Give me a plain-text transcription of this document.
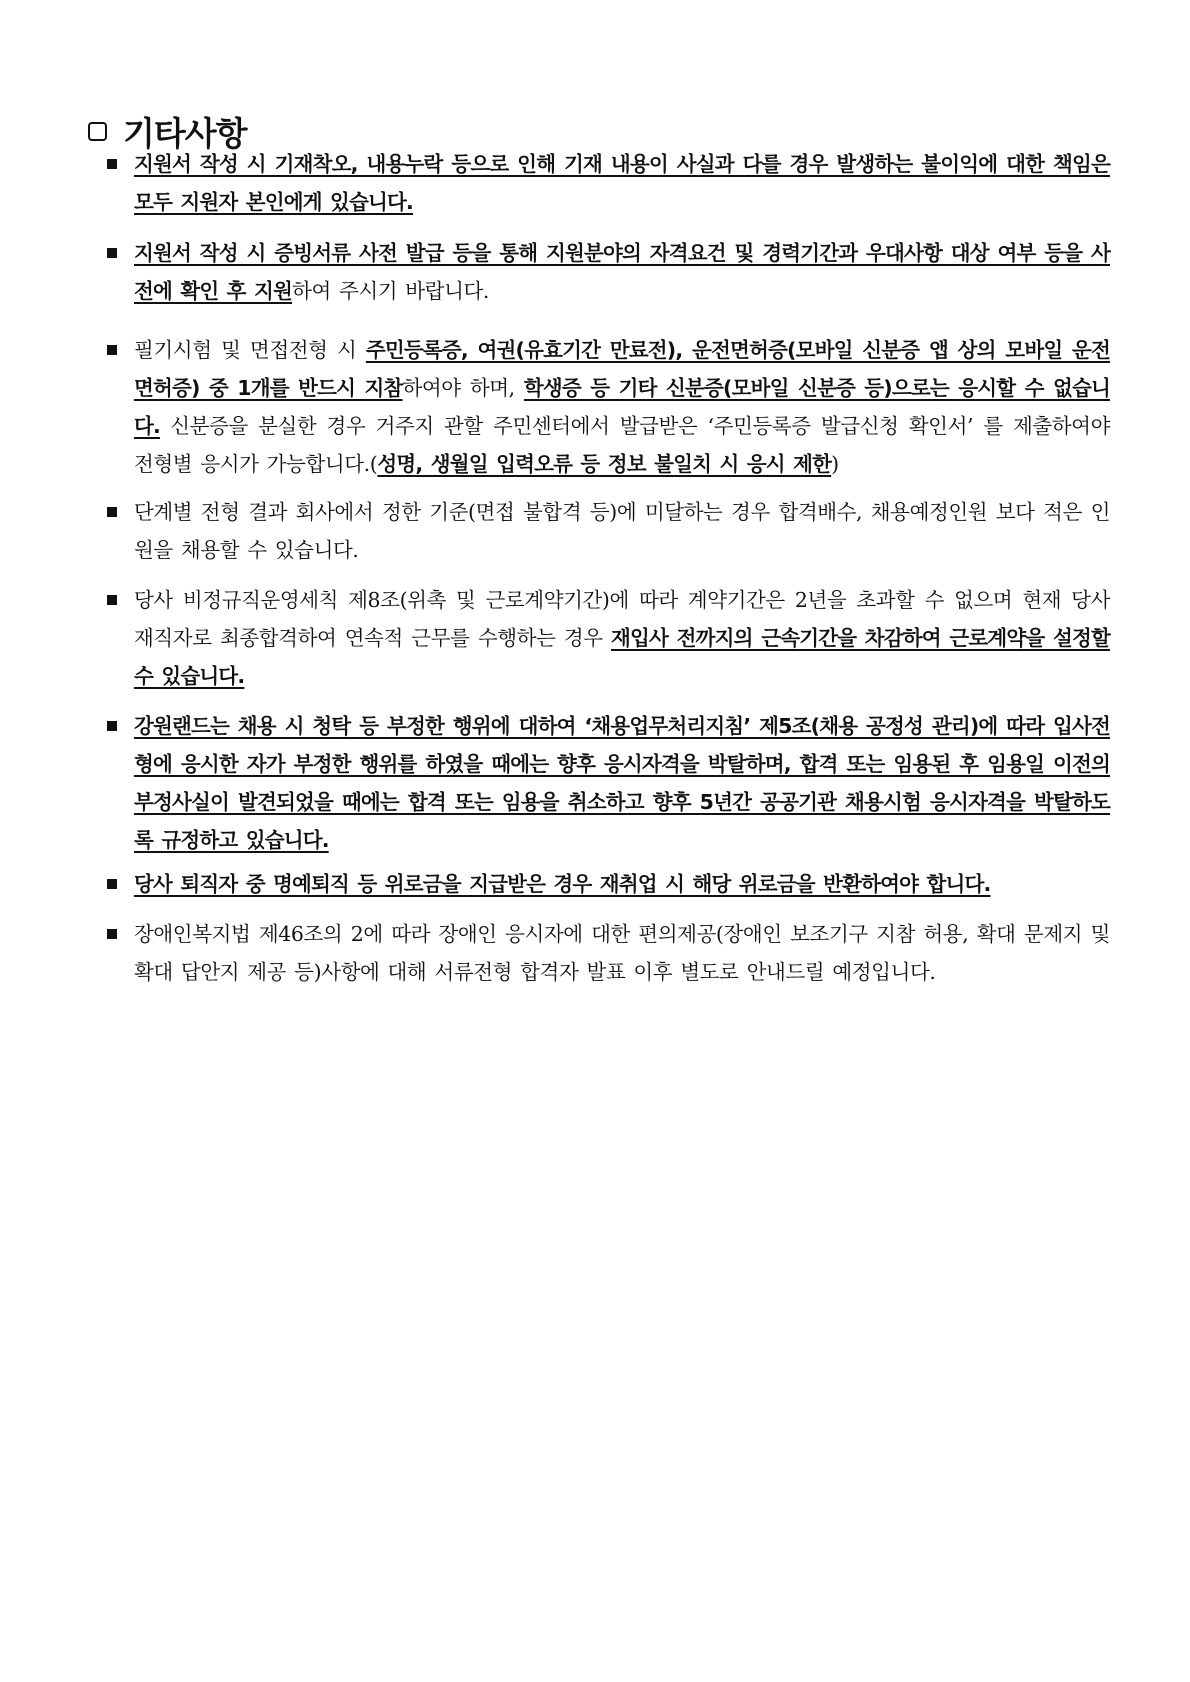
기타사항
지원서 작성 시 기재착오, 내용누락 등으로 인해 기재 내용이 사실과 다를 경우 발생하는 불이익에 대한 책임은 모두 지원자 본인에게 있습니다.
지원서 작성 시 증빙서류 사전 발급 등을 통해 지원분야의 자격요건 및 경력기간과 우대사항 대상 여부 등을 사전에 확인 후 지원하여 주시기 바랍니다.
필기시험 및 면접전형 시 주민등록증, 여권(유효기간 만료전), 운전면허증(모바일 신분증 앱 상의 모바일 운전면허증) 중 1개를 반드시 지참하여야 하며, 학생증 등 기타 신분증(모바일 신분증 등)으로는 응시할 수 없습니다. 신분증을 분실한 경우 거주지 관할 주민센터에서 발급받은 ‘주민등록증 발급신청 확인서’ 를 제출하여야 전형별 응시가 가능합니다.(성명, 생월일 입력오류 등 정보 불일치 시 응시 제한)
단계별 전형 결과 회사에서 정한 기준(면접 불합격 등)에 미달하는 경우 합격배수, 채용예정인원 보다 적은 인원을 채용할 수 있습니다.
당사 비정규직운영세칙 제8조(위촉 및 근로계약기간)에 따라 계약기간은 2년을 초과할 수 없으며 현재 당사 재직자로 최종합격하여 연속적 근무를 수행하는 경우 재입사 전까지의 근속기간을 차감하여 근로계약을 설정할 수 있습니다.
강원랜드는 채용 시 청탁 등 부정한 행위에 대하여 ‘채용업무처리지침’ 제5조(채용 공정성 관리)에 따라 입사전형에 응시한 자가 부정한 행위를 하였을 때에는 향후 응시자격을 박탈하며, 합격 또는 임용된 후 임용일 이전의 부정사실이 발견되었을 때에는 합격 또는 임용을 취소하고 향후 5년간 공공기관 채용시험 응시자격을 박탈하도록 규정하고 있습니다.
당사 퇴직자 중 명예퇴직 등 위로금을 지급받은 경우 재취업 시 해당 위로금을 반환하여야 합니다.
장애인복지법 제46조의 2에 따라 장애인 응시자에 대한 편의제공(장애인 보조기구 지참 허용, 확대 문제지 및 확대 답안지 제공 등)사항에 대해 서류전형 합격자 발표 이후 별도로 안내드릴 예정입니다.
